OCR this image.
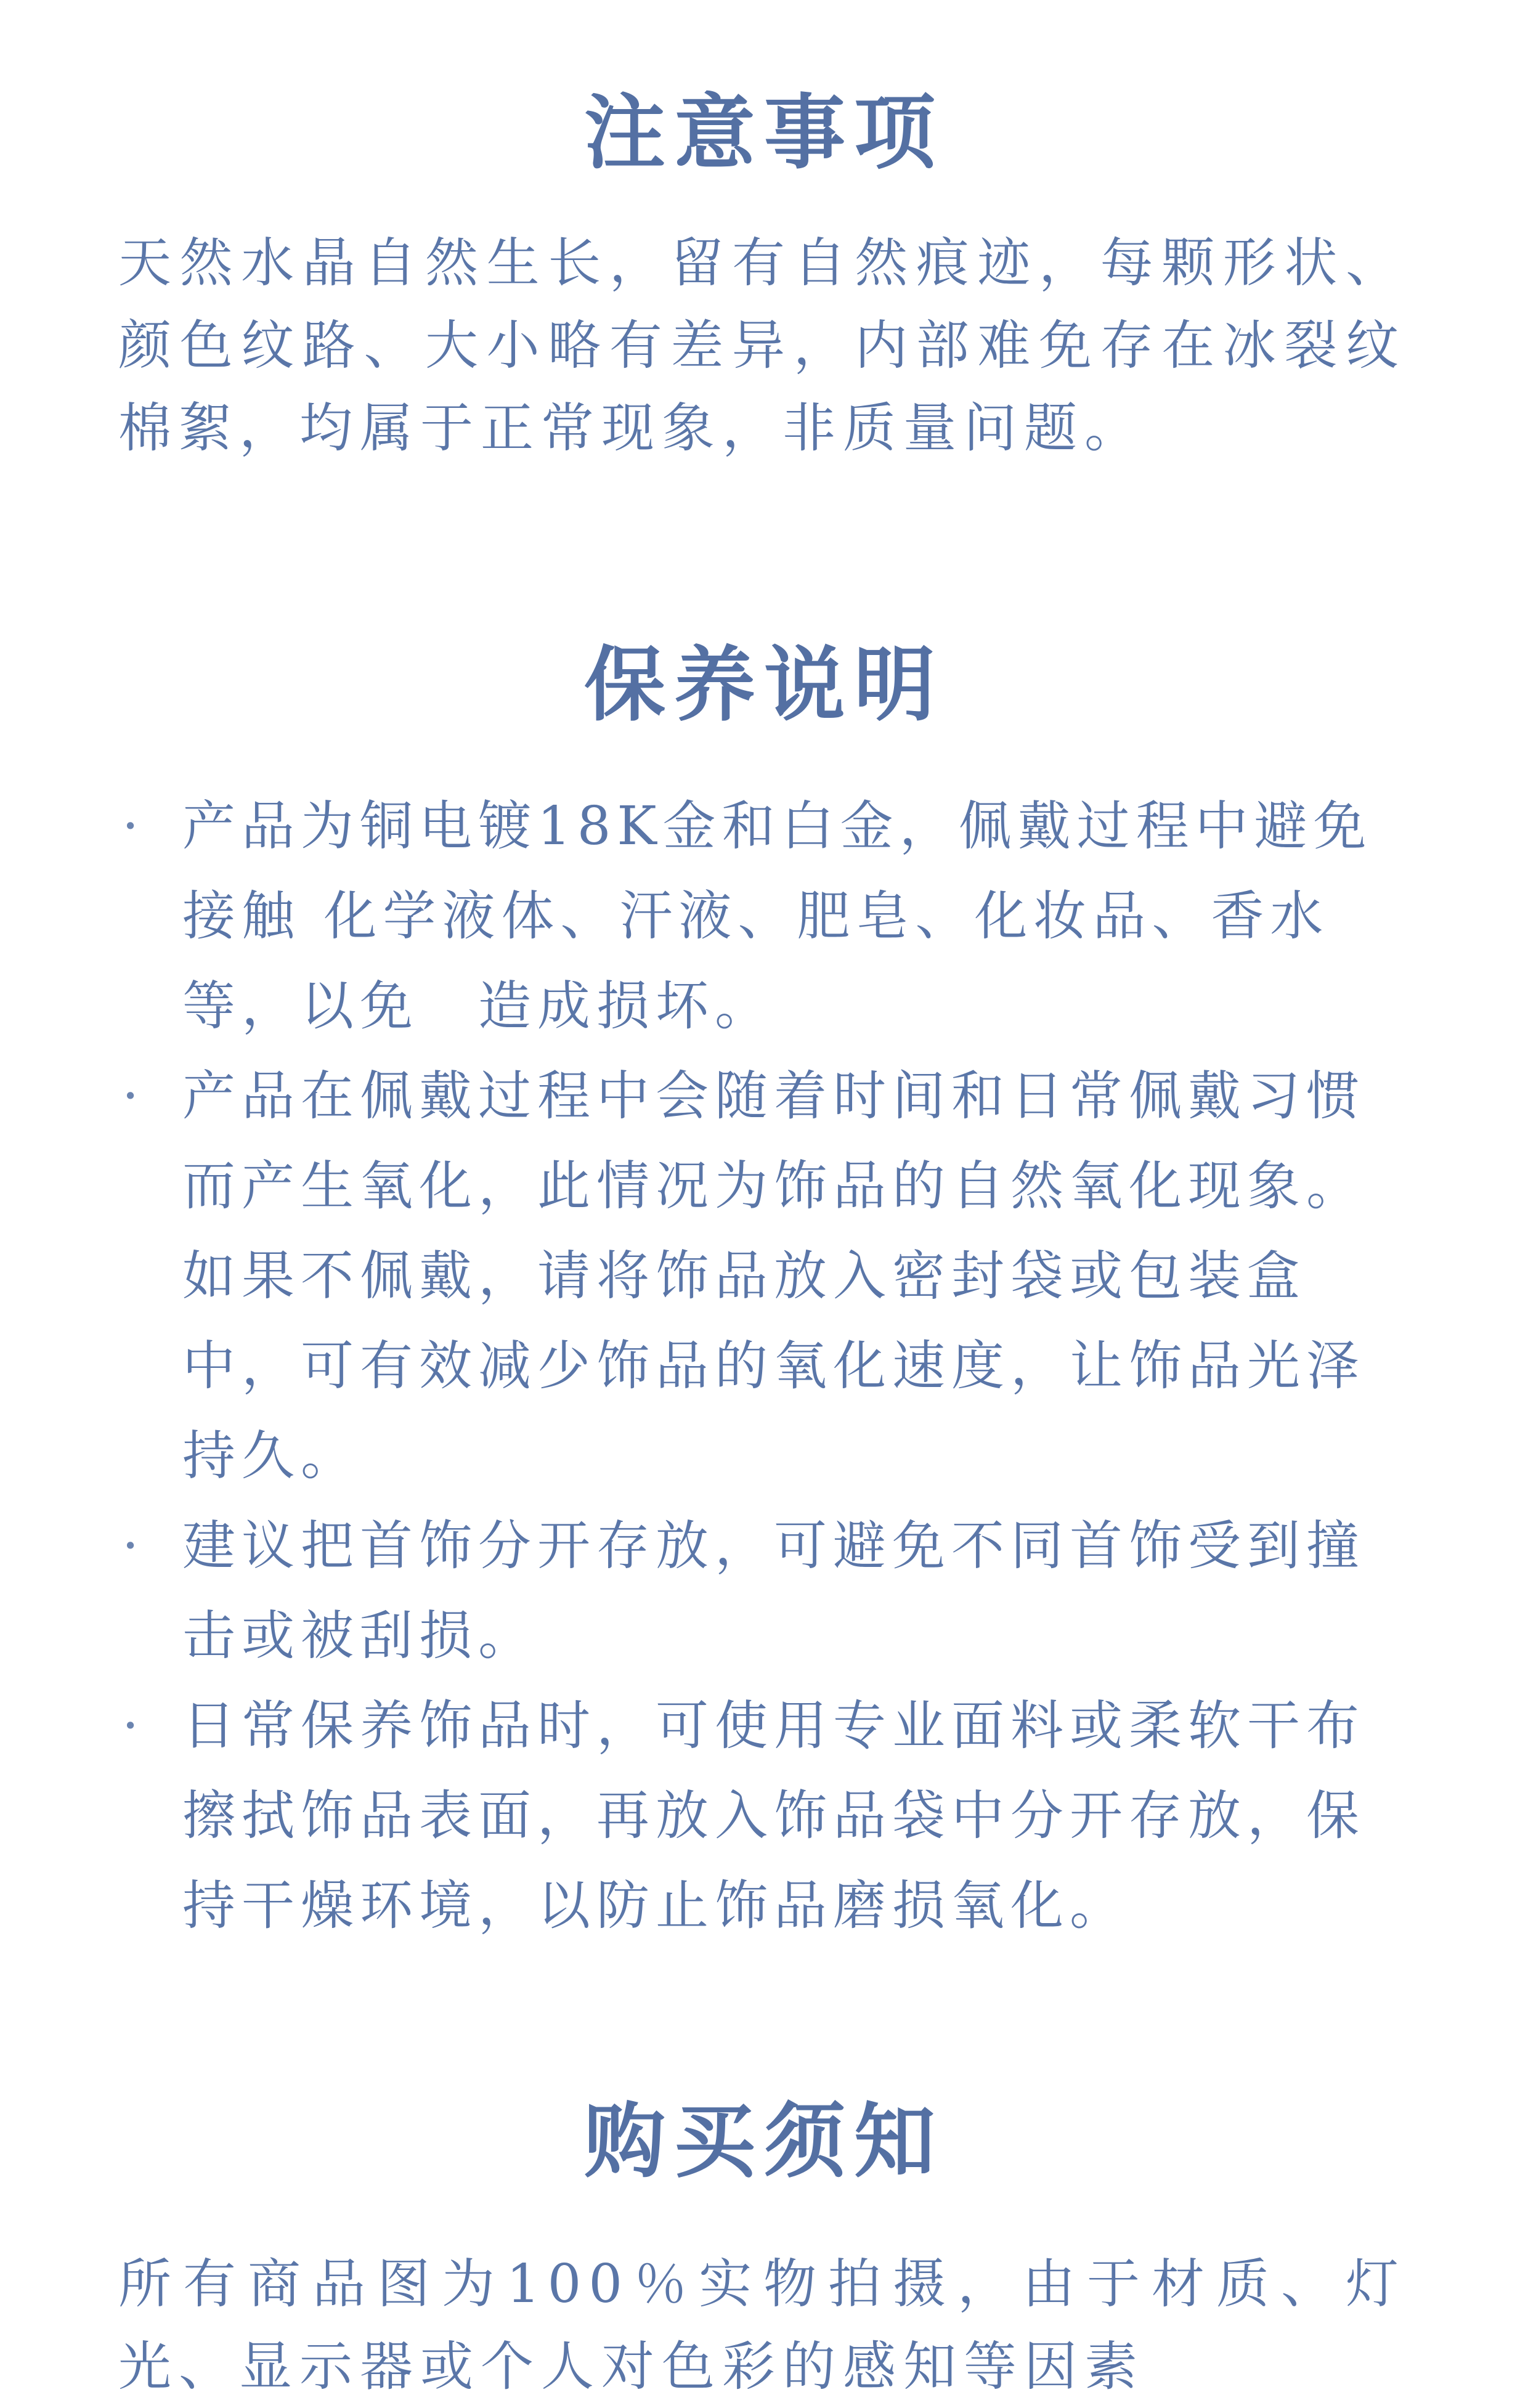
注意事项

天然水晶自然生长，留有自然痕迹，每颗形状、颜色纹路、大小略有差异，内部难免存在冰裂纹棉絮，均属于正常现象，非质量问题。

保养说明
· 产品为铜电镀18K金和白金，佩戴过程中避免接触 化学液体、汗液、肥皂、化妆品、香水等，以免　造成损坏。
· 产品在佩戴过程中会随着时间和日常佩戴习惯而产生氧化，此情况为饰品的自然氧化现象。如果不佩戴，请将饰品放入密封袋或包装盒中，可有效减少饰品的氧化速度，让饰品光泽持久。
· 建议把首饰分开存放，可避免不同首饰受到撞击或被刮损。
· 日常保养饰品时，可使用专业面料或柔软干布擦拭饰品表面，再放入饰品袋中分开存放，保持干燥环境，以防止饰品磨损氧化。
购买须知

所有商品图为100％实物拍摄，由于材质、灯光、显示器或个人对色彩的感知等因素
